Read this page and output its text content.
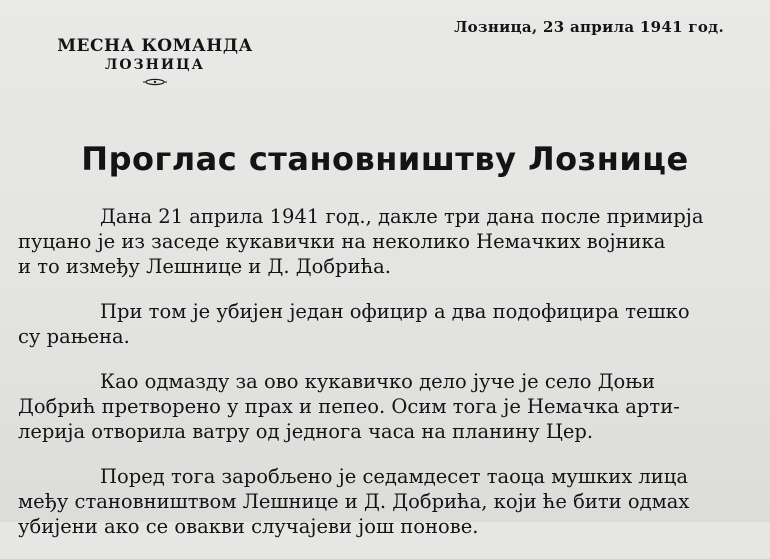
МЕСНА КОМАНДА
ЛОЗНИЦА
Лозница, 23 априла 1941 год.
Проглас становништву Лознице

Дана 21 априла 1941 год., дакле три дана после примирја
пуцано је из заседе кукавички на неколико Немачких војника
и то између Лешнице и Д. Добрића.

При том је убијен један официр а два подофицира тешко
су рањена.

Као одмазду за ово кукавичко дело јуче је село Доњи
Добрић претворено у прах и пепео. Осим тога је Немачка арти-
лерија отворила ватру од једнога часа на планину Цер.

Поред тога заробљено је седамдесет таоца мушких лица
међу становништвом Лешнице и Д. Добрића, који ће бити одмах
убијени ако се овакви случајеви још понове.
